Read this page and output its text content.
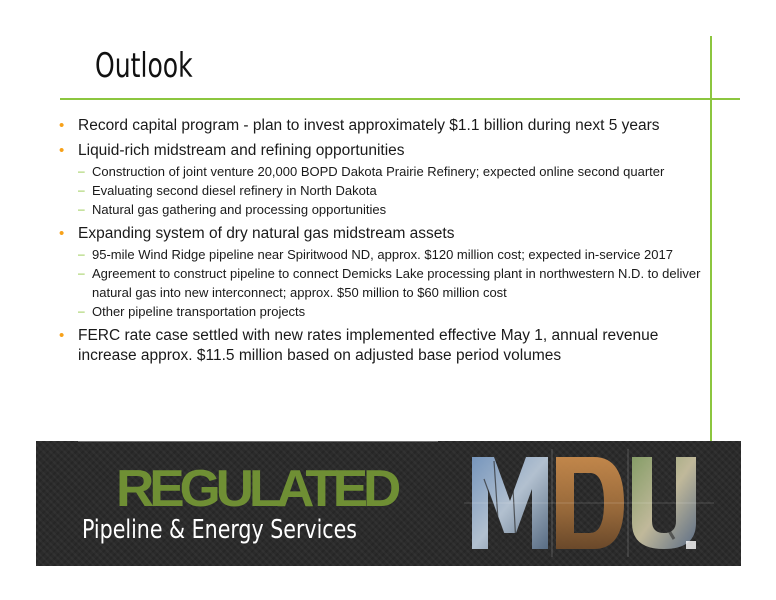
Outlook
• Record capital program - plan to invest approximately $1.1 billion during next 5 years
• Liquid-rich midstream and refining opportunities
– Construction of joint venture 20,000 BOPD Dakota Prairie Refinery; expected online second quarter
– Evaluating second diesel refinery in North Dakota
– Natural gas gathering and processing opportunities
• Expanding system of dry natural gas midstream assets
– 95-mile Wind Ridge pipeline near Spiritwood ND, approx. $120 million cost; expected in-service 2017
– Agreement to construct pipeline to connect Demicks Lake processing plant in northwestern N.D. to deliver natural gas into new interconnect; approx. $50 million to $60 million cost
– Other pipeline transportation projects
• FERC rate case settled with new rates implemented effective May 1, annual revenue increase approx. $11.5 million based on adjusted base period volumes
REGULATED
Pipeline & Energy Services
